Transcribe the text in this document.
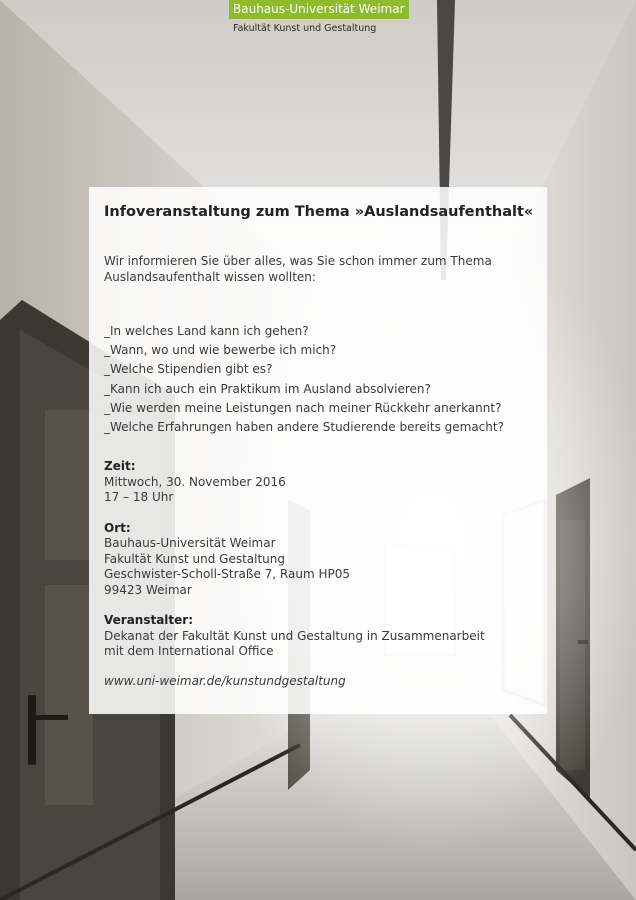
Bauhaus-Universität Weimar
Fakultät Kunst und Gestaltung
Infoveranstaltung zum Thema »Auslandsaufenthalt«

Wir informieren Sie über alles, was Sie schon immer zum Thema Auslandsaufenthalt wissen wollten:

_In welches Land kann ich gehen?
_Wann, wo und wie bewerbe ich mich?
_Welche Stipendien gibt es?
_Kann ich auch ein Praktikum im Ausland absolvieren?
_Wie werden meine Leistungen nach meiner Rückkehr anerkannt?
_Welche Erfahrungen haben andere Studierende bereits gemacht?
Zeit:
Mittwoch, 30. November 2016
17 – 18 Uhr
Ort:
Bauhaus-Universität Weimar
Fakultät Kunst und Gestaltung
Geschwister-Scholl-Straße 7, Raum HP05
99423 Weimar
Veranstalter:
Dekanat der Fakultät Kunst und Gestaltung in Zusammenarbeit
mit dem International Office
www.uni-weimar.de/kunstundgestaltung
